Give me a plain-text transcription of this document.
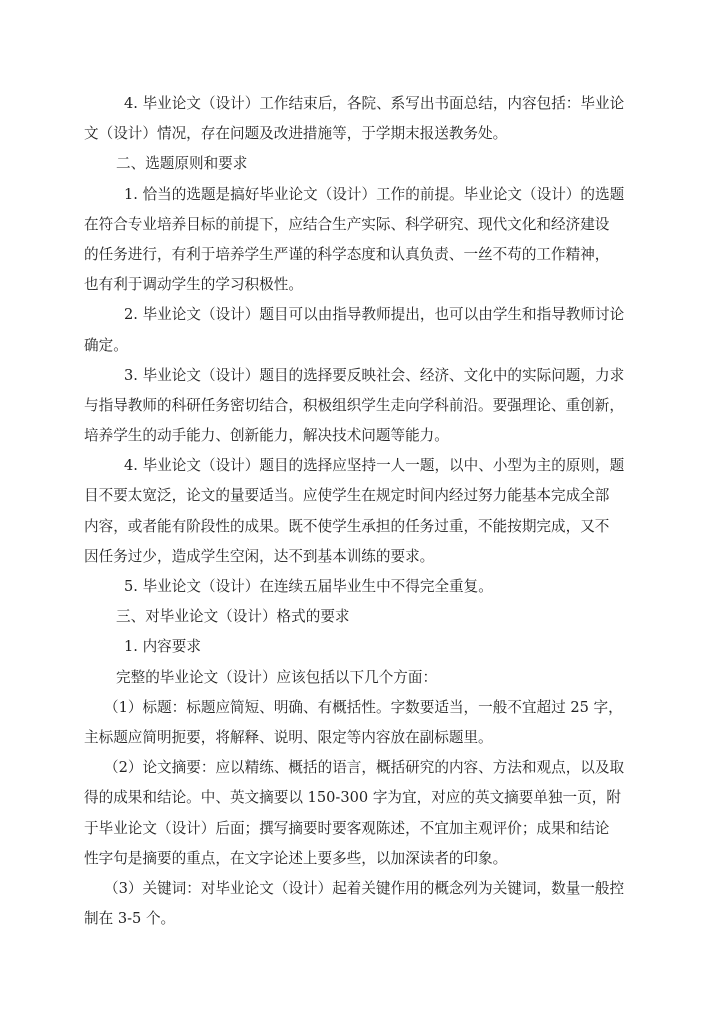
4. 毕业论文（设计）工作结束后，各院、系写出书面总结，内容包括：毕业论
文（设计）情况，存在问题及改进措施等，于学期末报送教务处。
二、选题原则和要求
1. 恰当的选题是搞好毕业论文（设计）工作的前提。毕业论文（设计）的选题
在符合专业培养目标的前提下，应结合生产实际、科学研究、现代文化和经济建设
的任务进行，有利于培养学生严谨的科学态度和认真负责、一丝不苟的工作精神，
也有利于调动学生的学习积极性。
2. 毕业论文（设计）题目可以由指导教师提出，也可以由学生和指导教师讨论
确定。
3. 毕业论文（设计）题目的选择要反映社会、经济、文化中的实际问题，力求
与指导教师的科研任务密切结合，积极组织学生走向学科前沿。要强理论、重创新，
培养学生的动手能力、创新能力，解决技术问题等能力。
4. 毕业论文（设计）题目的选择应坚持一人一题，以中、小型为主的原则，题
目不要太宽泛，论文的量要适当。应使学生在规定时间内经过努力能基本完成全部
内容，或者能有阶段性的成果。既不使学生承担的任务过重，不能按期完成，又不
因任务过少，造成学生空闲，达不到基本训练的要求。
5. 毕业论文（设计）在连续五届毕业生中不得完全重复。
三、对毕业论文（设计）格式的要求
1. 内容要求
完整的毕业论文（设计）应该包括以下几个方面：
（1）标题：标题应简短、明确、有概括性。字数要适当，一般不宜超过 25 字，
主标题应简明扼要，将解释、说明、限定等内容放在副标题里。
（2）论文摘要：应以精练、概括的语言，概括研究的内容、方法和观点，以及取
得的成果和结论。中、英文摘要以 150-300 字为宜，对应的英文摘要单独一页，附
于毕业论文（设计）后面；撰写摘要时要客观陈述，不宜加主观评价；成果和结论
性字句是摘要的重点，在文字论述上要多些，以加深读者的印象。
（3）关键词：对毕业论文（设计）起着关键作用的概念列为关键词，数量一般控
制在 3-5 个。
